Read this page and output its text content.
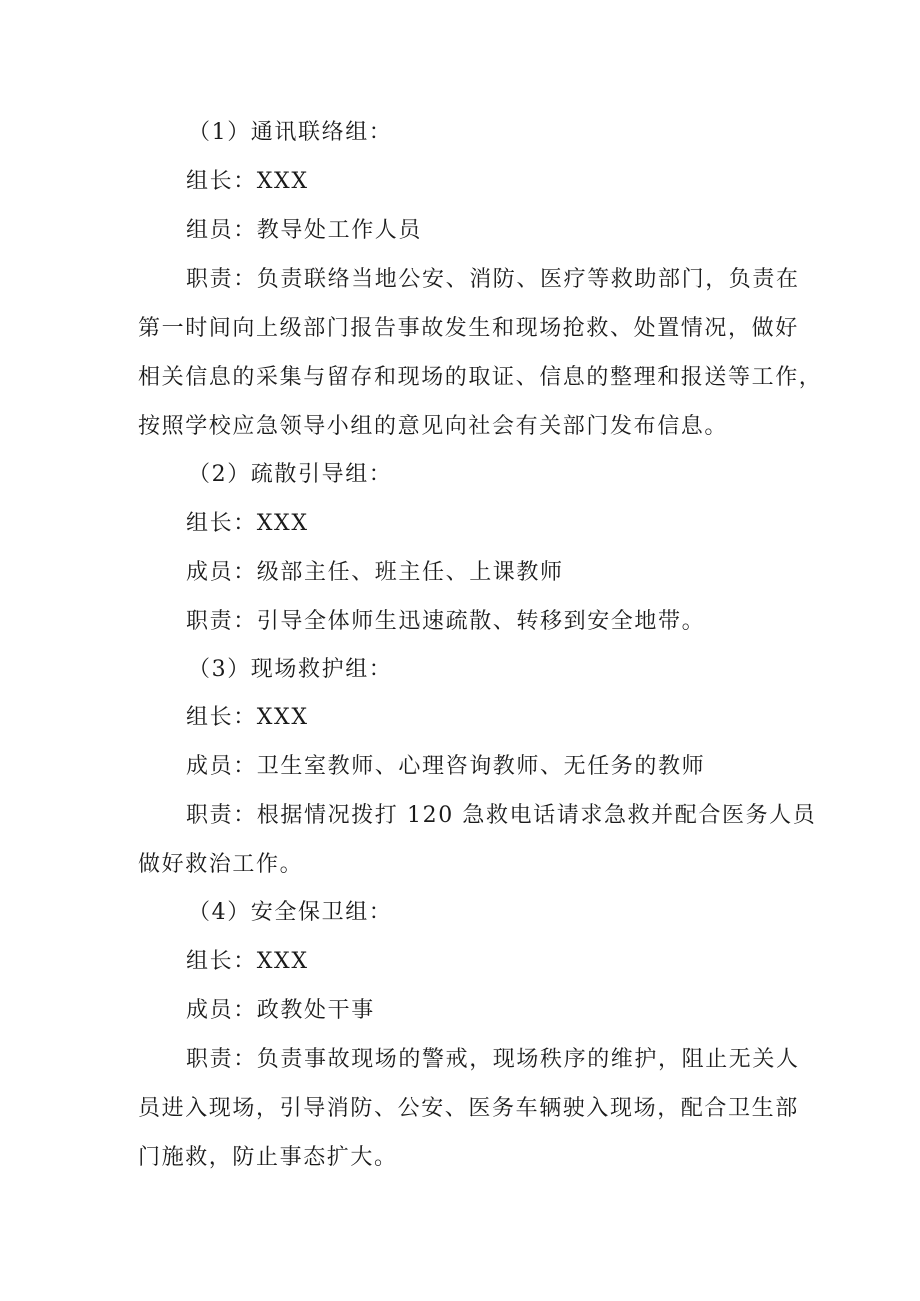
（1）通讯联络组：
组长：XXX
组员：教导处工作人员
职责：负责联络当地公安、消防、医疗等救助部门，负责在
第一时间向上级部门报告事故发生和现场抢救、处置情况，做好
相关信息的采集与留存和现场的取证、信息的整理和报送等工作，
按照学校应急领导小组的意见向社会有关部门发布信息。
（2）疏散引导组：
组长：XXX
成员：级部主任、班主任、上课教师
职责：引导全体师生迅速疏散、转移到安全地带。
（3）现场救护组：
组长：XXX
成员：卫生室教师、心理咨询教师、无任务的教师
职责：根据情况拨打 120 急救电话请求急救并配合医务人员
做好救治工作。
（4）安全保卫组：
组长：XXX
成员：政教处干事
职责：负责事故现场的警戒，现场秩序的维护，阻止无关人
员进入现场，引导消防、公安、医务车辆驶入现场，配合卫生部
门施救，防止事态扩大。
